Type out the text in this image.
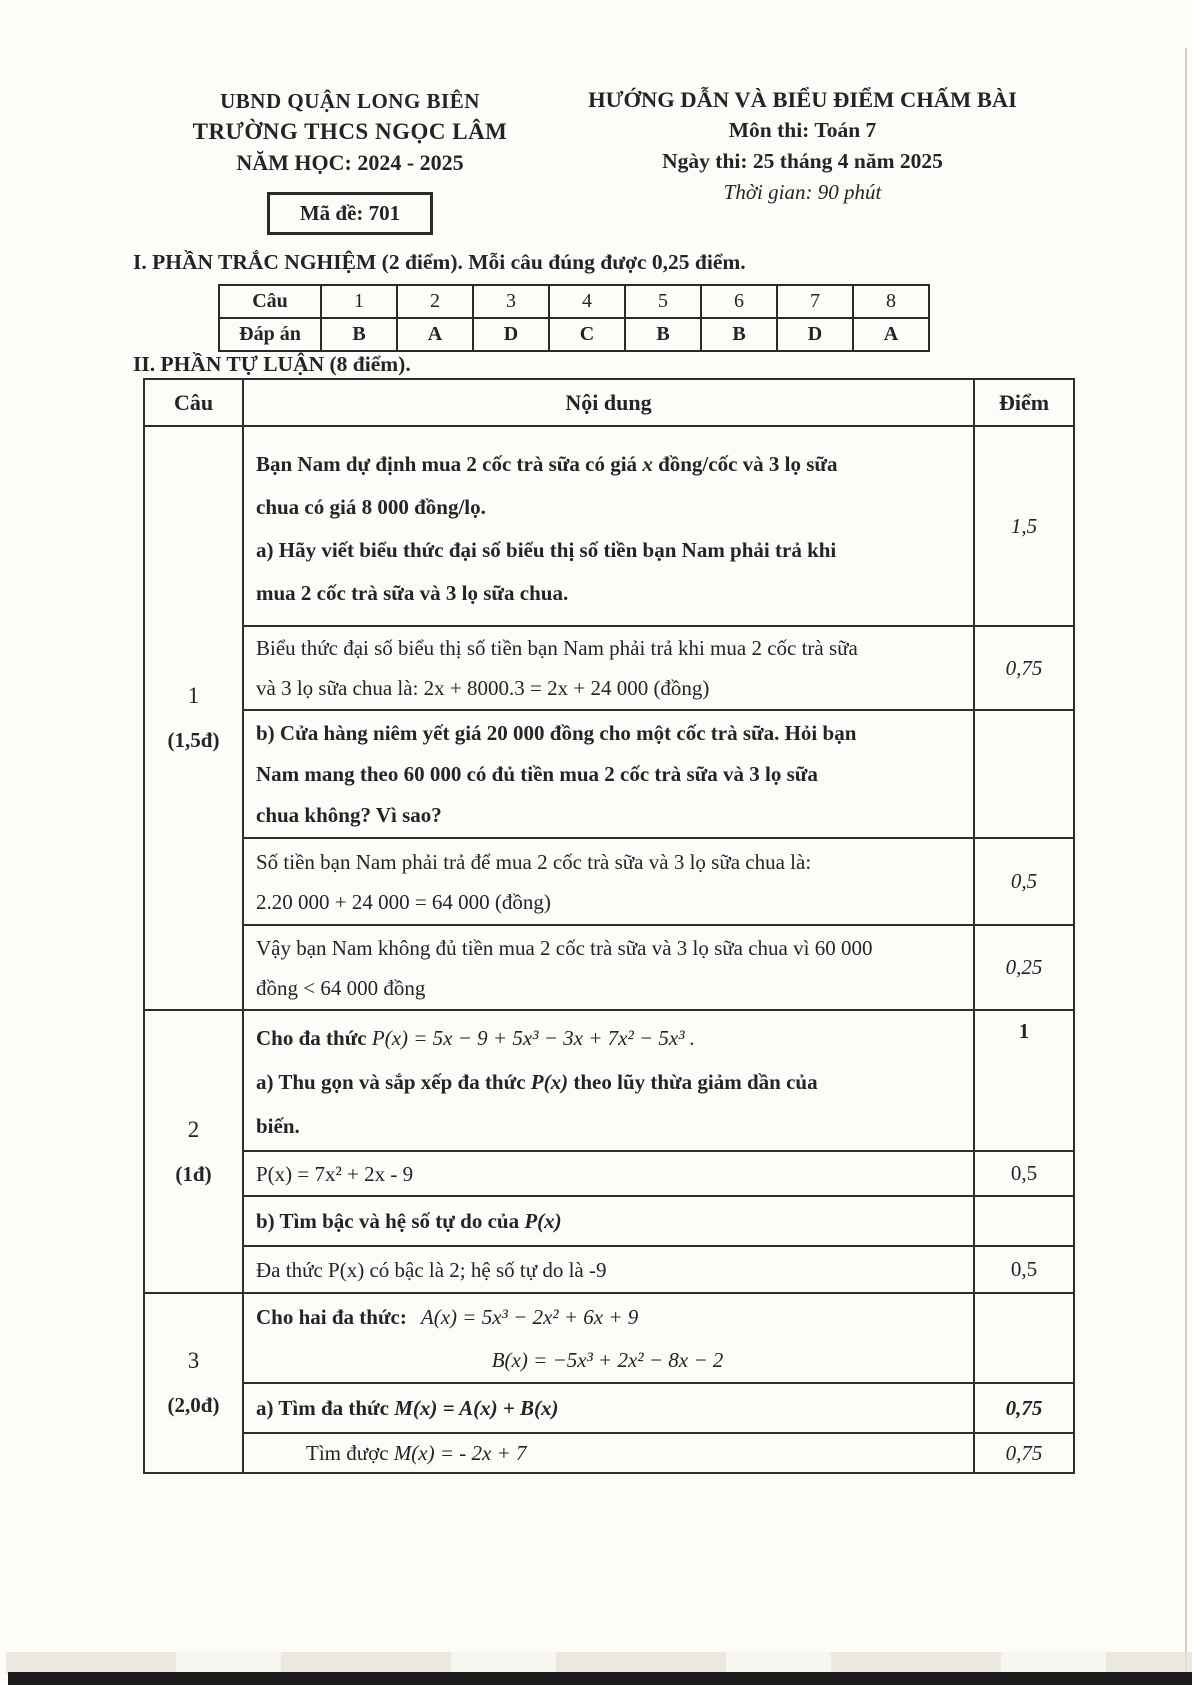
UBND QUẬN LONG BIÊN
TRƯỜNG THCS NGỌC LÂM
NĂM HỌC: 2024 - 2025
Mã đề: 701
HƯỚNG DẪN VÀ BIỂU ĐIỂM CHẤM BÀI
Môn thi: Toán 7
Ngày thi: 25 tháng 4 năm 2025
Thời gian: 90 phút
I. PHẦN TRẮC NGHIỆM (2 điểm). Mỗi câu đúng được 0,25 điểm.
Câu	1	2	3	4	5	6	7	8
Đáp án	B	A	D	C	B	B	D	A
II. PHẦN TỰ LUẬN (8 điểm).
Câu	Nội dung	Điểm

1
(1,5đ)

Bạn Nam dự định mua 2 cốc trà sữa có giá x đồng/cốc và 3 lọ sữa
chua có giá 8 000 đồng/lọ.
a) Hãy viết biểu thức đại số biểu thị số tiền bạn Nam phải trả khi
mua 2 cốc trà sữa và 3 lọ sữa chua.
	1,5

	Biểu thức đại số biểu thị số tiền bạn Nam phải trả khi mua 2 cốc trà sữa
và 3 lọ sữa chua là: 2x + 8000.3 = 2x + 24 000 (đồng)	0,75

	b) Cửa hàng niêm yết giá 20 000 đồng cho một cốc trà sữa. Hỏi bạn
Nam mang theo 60 000 có đủ tiền mua 2 cốc trà sữa và 3 lọ sữa
chua không? Vì sao?	

	Số tiền bạn Nam phải trả để mua 2 cốc trà sữa và 3 lọ sữa chua là:
2.20 000 + 24 000 = 64 000 (đồng)	0,5

	Vậy bạn Nam không đủ tiền mua 2 cốc trà sữa và 3 lọ sữa chua vì 60 000
đồng < 64 000 đồng	0,25

2
(1đ)

Cho đa thức P(x) = 5x − 9 + 5x³ − 3x + 7x² − 5x³ .
a) Thu gọn và sắp xếp đa thức P(x) theo lũy thừa giảm dần của
biến.
	1

	P(x) = 7x² + 2x - 9	0,5

	b) Tìm bậc và hệ số tự do của P(x)	

	Đa thức P(x) có bậc là 2; hệ số tự do là -9	0,5

3
(2,0đ)

Cho hai đa thức: A(x) = 5x³ − 2x² + 6x + 9
B(x) = −5x³ + 2x² − 8x − 2

	a) Tìm đa thức M(x) = A(x) + B(x)	0,75

	Tìm được M(x) = - 2x + 7	0,75
